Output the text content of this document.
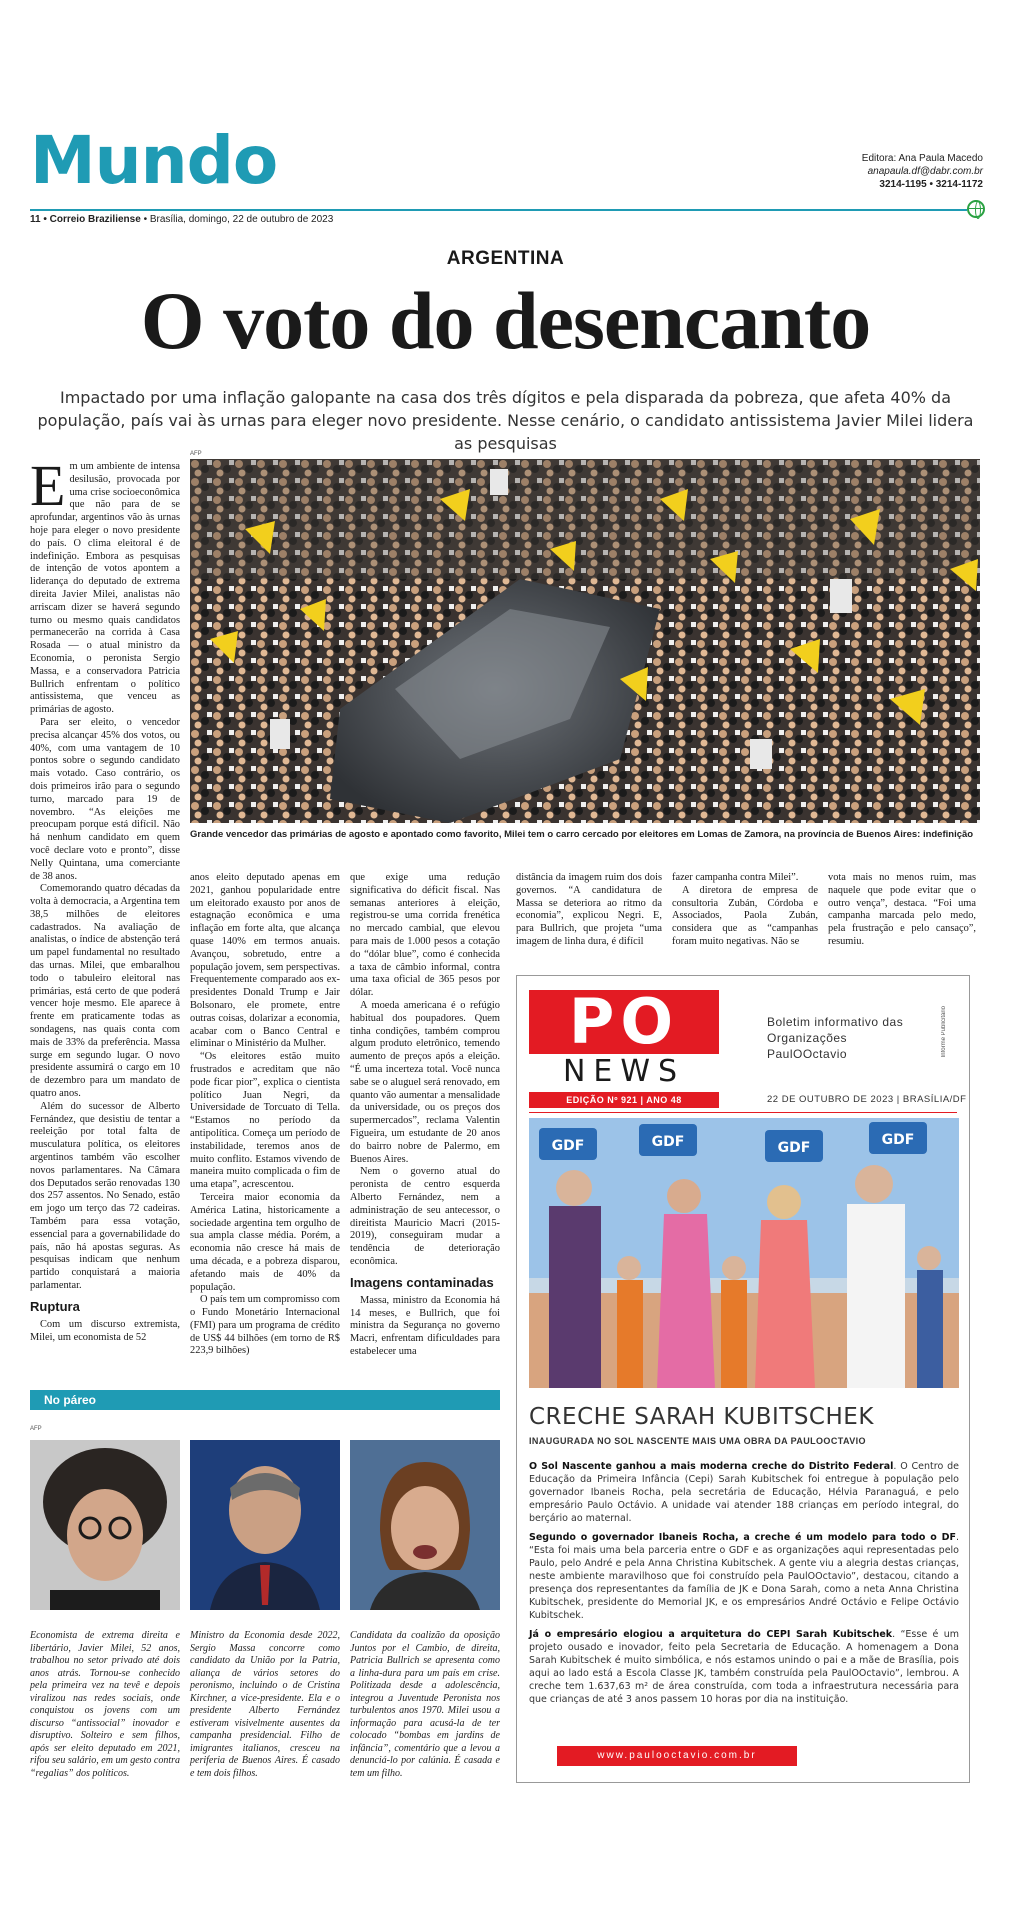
Mundo	Editora: Ana Paula Macedo
anapaula.df@dabr.com.br
3214-1195 • 3214-1172
11 • Correio Braziliense • Brasília, domingo, 22 de outubro de 2023
ARGENTINA
O voto do desencanto
Impactado por uma inflação galopante na casa dos três dígitos e pela disparada da pobreza, que afeta 40% da população, país vai às urnas para eleger novo presidente. Nesse cenário, o candidato antissistema Javier Milei lidera as pesquisas
AFP
Grande vencedor das primárias de agosto e apontado como favorito, Milei tem o carro cercado por eleitores em Lomas de Zamora, na província de Buenos Aires: indefinição

Em um ambiente de intensa desilusão, provocada por uma crise socioeconômica que não para de se aprofundar, argentinos vão às urnas hoje para eleger o novo presidente do país. O clima eleitoral é de indefinição. Embora as pesquisas de intenção de votos apontem a liderança do deputado de extrema direita Javier Milei, analistas não arriscam dizer se haverá segundo turno ou mesmo quais candidatos permanecerão na corrida à Casa Rosada — o atual ministro da Economia, o peronista Sergio Massa, e a conservadora Patricia Bullrich enfrentam o político antissistema, que venceu as primárias de agosto.

Para ser eleito, o vencedor precisa alcançar 45% dos votos, ou 40%, com uma vantagem de 10 pontos sobre o segundo candidato mais votado. Caso contrário, os dois primeiros irão para o segundo turno, marcado para 19 de novembro. “As eleições me preocupam porque está difícil. Não há nenhum candidato em quem você declare voto e pronto”, disse Nelly Quintana, uma comerciante de 38 anos.

Comemorando quatro décadas da volta à democracia, a Argentina tem 38,5 milhões de eleitores cadastrados. Na avaliação de analistas, o índice de abstenção terá um papel fundamental no resultado das urnas. Milei, que embaralhou todo o tabuleiro eleitoral nas primárias, está certo de que poderá vencer hoje mesmo. Ele aparece à frente em praticamente todas as sondagens, nas quais conta com mais de 33% da preferência. Massa surge em segundo lugar. O novo presidente assumirá o cargo em 10 de dezembro para um mandato de quatro anos.

Além do sucessor de Alberto Fernández, que desistiu de tentar a reeleição por total falta de musculatura política, os eleitores argentinos também vão escolher novos parlamentares. Na Câmara dos Deputados serão renovadas 130 dos 257 assentos. No Senado, estão em jogo um terço das 72 cadeiras. Também para essa votação, essencial para a governabilidade do país, não há apostas seguras. As pesquisas indicam que nenhum partido conquistará a maioria parlamentar.

Ruptura

Com um discurso extremista, Milei, um economista de 52

anos eleito deputado apenas em 2021, ganhou popularidade entre um eleitorado exausto por anos de estagnação econômica e uma inflação em forte alta, que alcança quase 140% em termos anuais. Avançou, sobretudo, entre a população jovem, sem perspectivas. Frequentemente comparado aos ex-presidentes Donald Trump e Jair Bolsonaro, ele promete, entre outras coisas, dolarizar a economia, acabar com o Banco Central e eliminar o Ministério da Mulher.

“Os eleitores estão muito frustrados e acreditam que não pode ficar pior”, explica o cientista político Juan Negri, da Universidade de Torcuato di Tella. “Estamos no período da antipolítica. Começa um período de instabilidade, teremos anos de muito conflito. Estamos vivendo de maneira muito complicada o fim de uma etapa”, acrescentou.

Terceira maior economia da América Latina, historicamente a sociedade argentina tem orgulho de sua ampla classe média. Porém, a economia não cresce há mais de uma década, e a pobreza disparou, afetando mais de 40% da população.

O país tem um compromisso com o Fundo Monetário Internacional (FMI) para um programa de crédito de US$ 44 bilhões (em torno de R$ 223,9 bilhões)

que exige uma redução significativa do déficit fiscal. Nas semanas anteriores à eleição, registrou-se uma corrida frenética no mercado cambial, que elevou para mais de 1.000 pesos a cotação do “dólar blue”, como é conhecida a taxa de câmbio informal, contra uma taxa oficial de 365 pesos por dólar.

A moeda americana é o refúgio habitual dos poupadores. Quem tinha condições, também comprou algum produto eletrônico, temendo aumento de preços após a eleição. “É uma incerteza total. Você nunca sabe se o aluguel será renovado, em quanto vão aumentar a mensalidade da universidade, ou os preços dos supermercados”, reclama Valentin Figueira, um estudante de 20 anos do bairro nobre de Palermo, em Buenos Aires.

Nem o governo atual do peronista de centro esquerda Alberto Fernández, nem a administração de seu antecessor, o direitista Mauricio Macri (2015-2019), conseguiram mudar a tendência de deterioração econômica.

Imagens contaminadas

Massa, ministro da Economia há 14 meses, e Bullrich, que foi ministra da Segurança no governo Macri, enfrentam dificuldades para estabelecer uma

distância da imagem ruim dos dois governos. “A candidatura de Massa se deteriora ao ritmo da economia”, explicou Negri. E, para Bullrich, que projeta “uma imagem de linha dura, é difícil

fazer campanha contra Milei”.

A diretora de empresa de consultoria Zubán, Córdoba e Associados, Paola Zubán, considera que as “campanhas foram muito negativas. Não se

vota mais no menos ruim, mas naquele que pode evitar que o outro vença”, destaca. “Foi uma campanha marcada pelo medo, pela frustração e pelo cansaço”, resumiu.

No páreo
AFP
Economista de extrema direita e libertário, Javier Milei, 52 anos, trabalhou no setor privado até dois anos atrás. Tornou-se conhecido pela primeira vez na tevê e depois viralizou nas redes sociais, onde conquistou os jovens com um discurso “antissocial” inovador e disruptivo. Solteiro e sem filhos, após ser eleito deputado em 2021, rifou seu salário, em um gesto contra “regalias” dos políticos.
Ministro da Economia desde 2022, Sergio Massa concorre como candidato da União por la Patria, aliança de vários setores do peronismo, incluindo o de Cristina Kirchner, a vice-presidente. Ela e o presidente Alberto Fernández estiveram visivelmente ausentes da campanha presidencial. Filho de imigrantes italianos, cresceu na periferia de Buenos Aires. É casado e tem dois filhos.
Candidata da coalizão da oposição Juntos por el Cambio, de direita, Patricia Bullrich se apresenta como a linha-dura para um país em crise. Politizada desde a adolescência, integrou a Juventude Peronista nos turbulentos anos 1970. Milei usou a informação para acusá-la de ter colocado “bombas em jardins de infância”, comentário que a levou a denunciá-lo por calúnia. É casada e tem um filho.
PO
NEWS
Boletim informativo das Organizações PaulOOctavio	Informe Publicitário
EDIÇÃO Nº 921 | ANO 48	22 DE OUTUBRO DE 2023 | BRASÍLIA/DF
GDF	GDF	GDF	GDF
CRECHE SARAH KUBITSCHEK
INAUGURADA NO SOL NASCENTE MAIS UMA OBRA DA PAULOOCTAVIO

O Sol Nascente ganhou a mais moderna creche do Distrito Federal. O Centro de Educação da Primeira Infância (Cepi) Sarah Kubitschek foi entregue à população pelo governador Ibaneis Rocha, pela secretária de Educação, Hélvia Paranaguá, e pelo empresário Paulo Octávio. A unidade vai atender 188 crianças em período integral, do berçário ao maternal.

Segundo o governador Ibaneis Rocha, a creche é um modelo para todo o DF. “Esta foi mais uma bela parceria entre o GDF e as organizações aqui representadas pelo Paulo, pelo André e pela Anna Christina Kubitschek. A gente viu a alegria destas crianças, neste ambiente maravilhoso que foi construído pela PaulOOctavio”, destacou, citando a presença dos representantes da família de JK e Dona Sarah, como a neta Anna Christina Kubitschek, presidente do Memorial JK, e os empresários André Octávio e Felipe Octávio Kubitschek.

Já o empresário elogiou a arquitetura do CEPI Sarah Kubitschek. “Esse é um projeto ousado e inovador, feito pela Secretaria de Educação. A homenagem a Dona Sarah Kubitschek é muito simbólica, e nós estamos unindo o pai e a mãe de Brasília, pois aqui ao lado está a Escola Classe JK, também construída pela PaulOOctavio”, lembrou. A creche tem 1.637,63 m² de área construída, com toda a infraestrutura necessária para que crianças de até 3 anos passem 10 horas por dia na instituição.

www.paulooctavio.com.br
